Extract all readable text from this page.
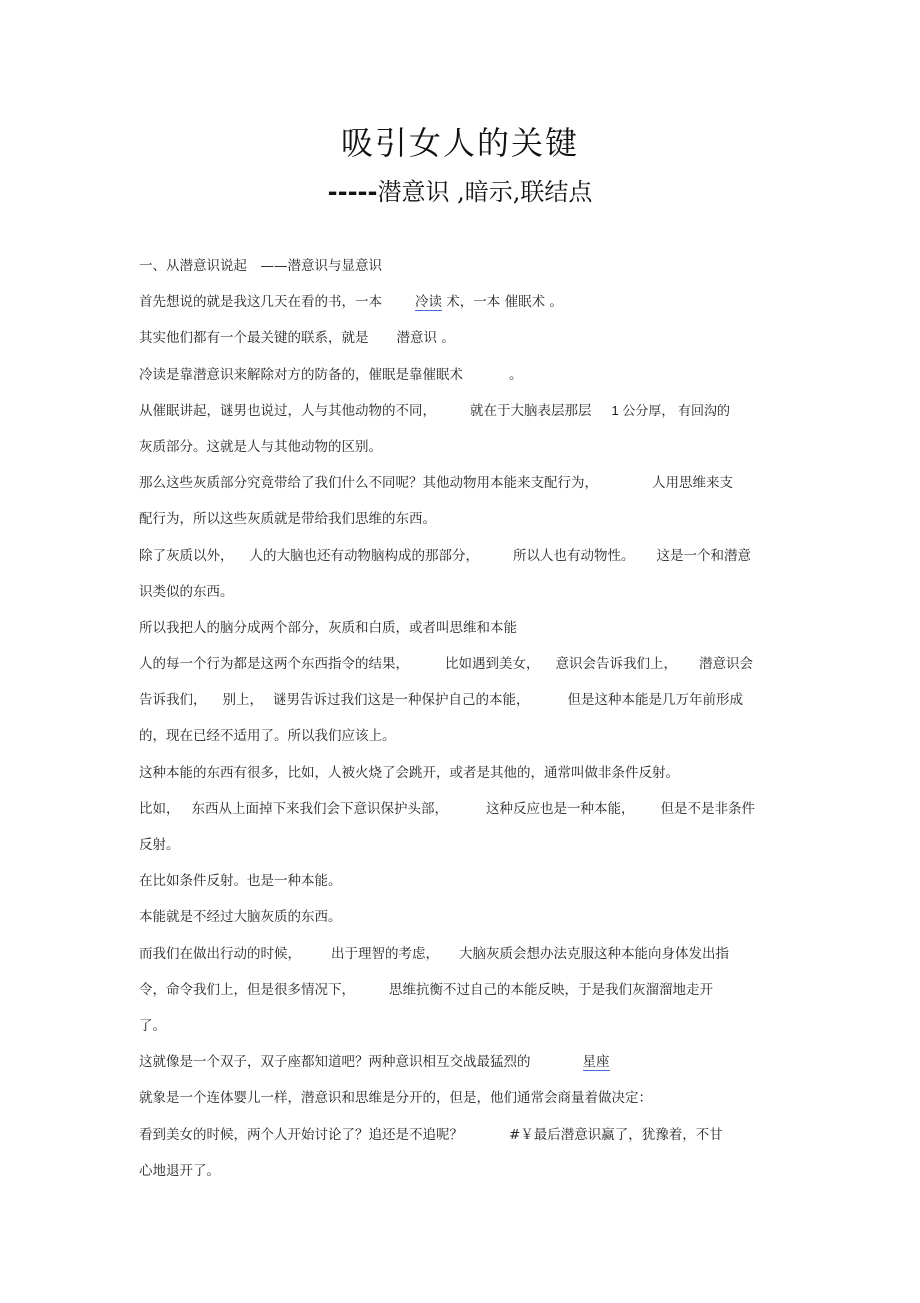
吸引女人的关键
-----潜意识 ,暗示,联结点
一、从潜意识说起　——潜意识与显意识
首先想说的就是我这几天在看的书，一本 冷读 术，一本 催眠术 。
其实他们都有一个最关键的联系，就是 潜意识 。
冷读是靠潜意识来解除对方的防备的，催眠是靠催眠术	。
从催眠讲起，谜男也说过，人与其他动物的不同，	就在于大脑表层那层 1 公分厚， 有回沟的
灰质部分。这就是人与其他动物的区别。
那么这些灰质部分究竟带给了我们什么不同呢？其他动物用本能来支配行为，	人用思维来支
配行为，所以这些灰质就是带给我们思维的东西。
除了灰质以外， 人的大脑也还有动物脑构成的那部分，	所以人也有动物性。 这是一个和潜意
识类似的东西。
所以我把人的脑分成两个部分，灰质和白质，或者叫思维和本能
人的每一个行为都是这两个东西指令的结果，	比如遇到美女， 意识会告诉我们上， 潜意识会
告诉我们， 别上， 谜男告诉过我们这是一种保护自己的本能，	但是这种本能是几万年前形成
的，现在已经不适用了。所以我们应该上。
这种本能的东西有很多，比如，人被火烧了会跳开，或者是其他的，通常叫做非条件反射。
比如， 东西从上面掉下来我们会下意识保护头部，	这种反应也是一种本能， 但是不是非条件
反射。
在比如条件反射。也是一种本能。
本能就是不经过大脑灰质的东西。
而我们在做出行动的时候， 出于理智的考虑， 大脑灰质会想办法克服这种本能向身体发出指
令，命令我们上，但是很多情况下，	思维抗衡不过自己的本能反映，于是我们灰溜溜地走开
了。
这就像是一个双子，双子座都知道吧？两种意识相互交战最猛烈的	星座
就象是一个连体婴儿一样，潜意识和思维是分开的，但是，他们通常会商量着做决定：
看到美女的时候，两个人开始讨论了？追还是不追呢？	#￥最后潜意识赢了，犹豫着，不甘
心地退开了。
